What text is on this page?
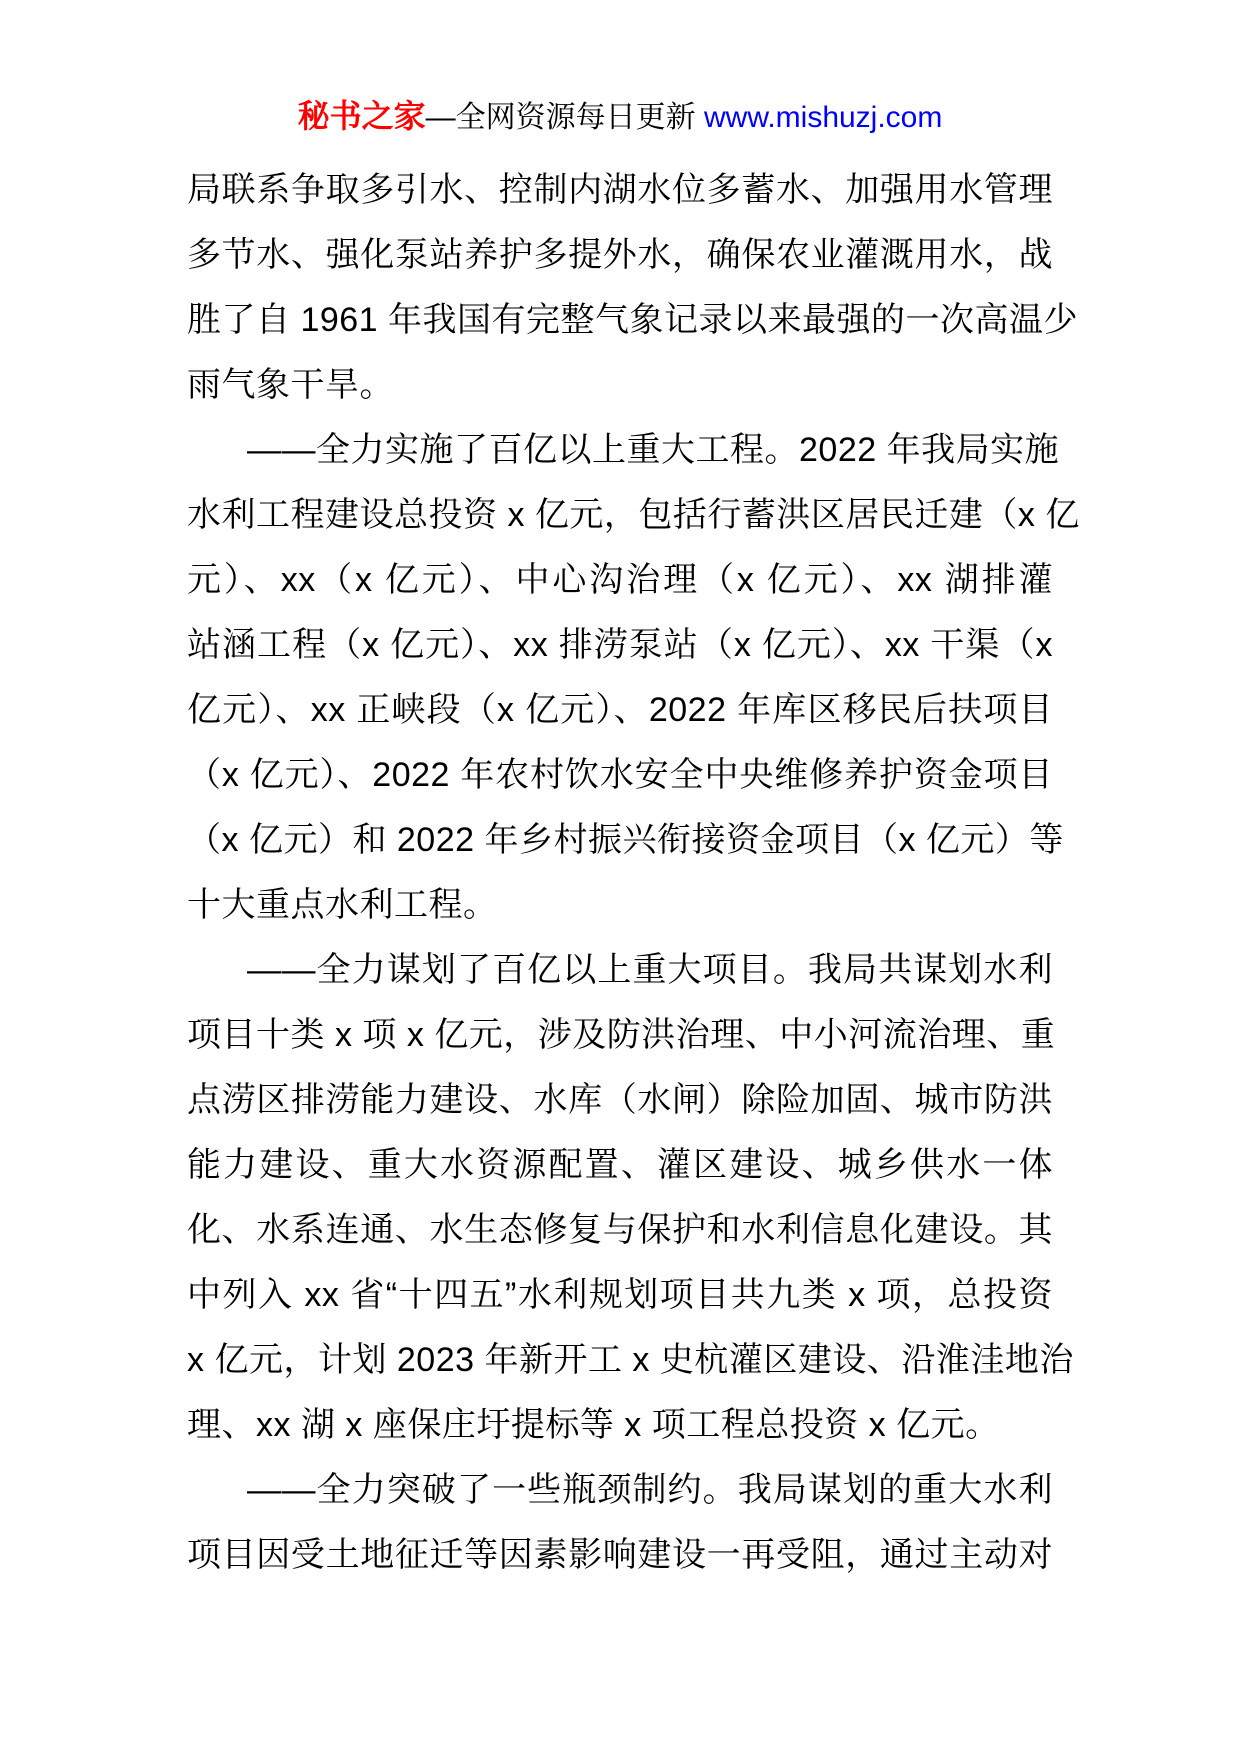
秘书之家—全网资源每日更新 www.mishuzj.com
局联系争取多引水、控制内湖水位多蓄水、加强用水管理
多节水、强化泵站养护多提外水，确保农业灌溉用水，战
胜了自 1961 年我国有完整气象记录以来最强的一次高温少
雨气象干旱。
——全力实施了百亿以上重大工程。2022 年我局实施
水利工程建设总投资 x 亿元，包括行蓄洪区居民迁建（x 亿
元）、xx（x 亿元）、中心沟治理（x 亿元）、xx 湖排灌
站涵工程（x 亿元）、xx 排涝泵站（x 亿元）、xx 干渠（x
亿元）、xx 正峡段（x 亿元）、2022 年库区移民后扶项目
（x 亿元）、2022 年农村饮水安全中央维修养护资金项目
（x 亿元）和 2022 年乡村振兴衔接资金项目（x 亿元）等
十大重点水利工程。
——全力谋划了百亿以上重大项目。我局共谋划水利
项目十类 x 项 x 亿元，涉及防洪治理、中小河流治理、重
点涝区排涝能力建设、水库（水闸）除险加固、城市防洪
能力建设、重大水资源配置、灌区建设、城乡供水一体
化、水系连通、水生态修复与保护和水利信息化建设。其
中列入 xx 省“十四五”水利规划项目共九类 x 项，总投资
x 亿元，计划 2023 年新开工 x 史杭灌区建设、沿淮洼地治
理、xx 湖 x 座保庄圩提标等 x 项工程总投资 x 亿元。
——全力突破了一些瓶颈制约。我局谋划的重大水利
项目因受土地征迁等因素影响建设一再受阻，通过主动对
